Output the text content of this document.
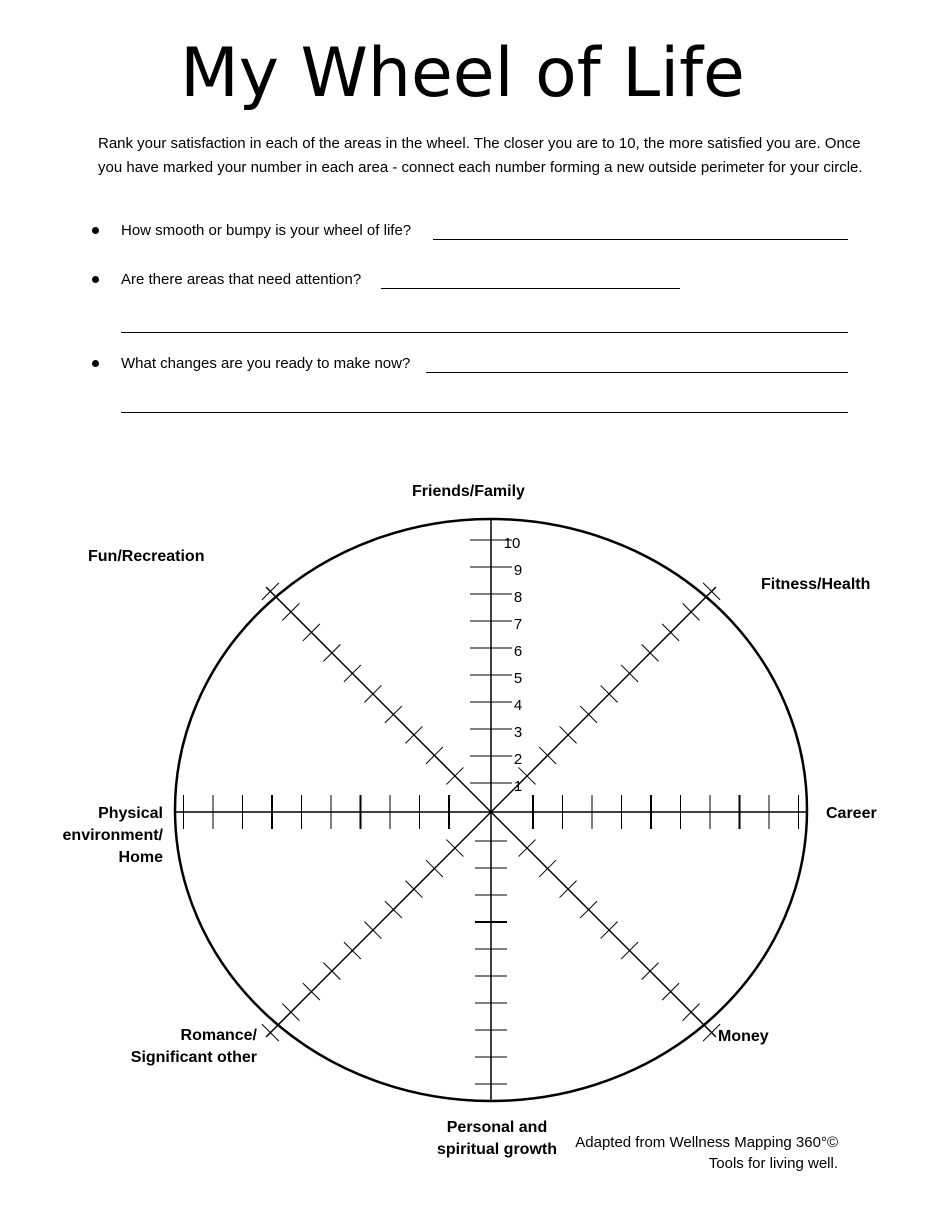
My Wheel of Life

Rank your satisfaction in each of the areas in the wheel. The closer you are to 10, the more satisfied you are. Once you have marked your number in each area - connect each number forming a new outside perimeter for your circle.

How smooth or bumpy is your wheel of life?
Are there areas that need attention?
What changes are you ready to make now?
10
9
8
7
6
5
4
3
2
1
Friends/Family
Fitness/Health
Career
Money
Personal and
spiritual growth
Romance/
Significant other
Physical
environment/
Home
Fun/Recreation
Adapted from Wellness Mapping 360°©
Tools for living well.
